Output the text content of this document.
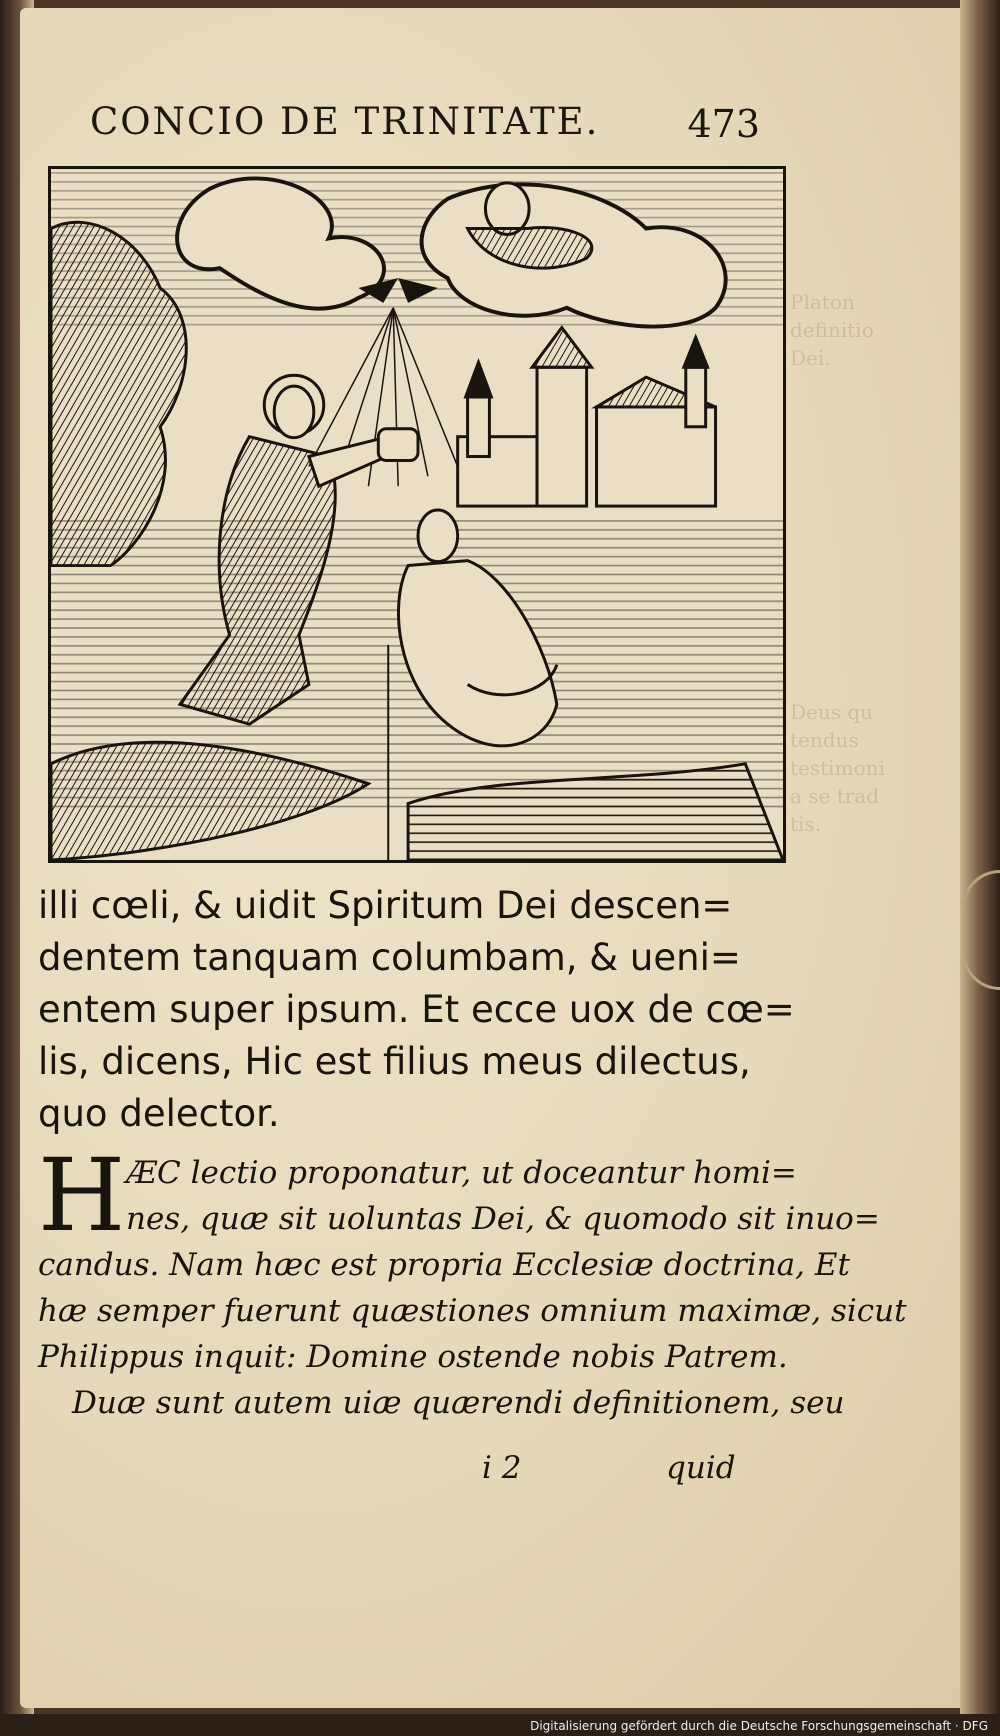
Platon
definitio
Dei.
Deus qu
tendus
testimoni
a se trad
tis.
CONCIO DE TRINITATE. 473
illi cœli, & uidit Spiritum Dei descen=
dentem tanquam columbam, & ueni=
entem super ipsum. Et ecce uox de cœ=
lis, dicens, Hic est filius meus dilectus,
quo delector.
H ÆC lectio proponatur, ut doceantur homi=
nes, quæ sit uoluntas Dei, & quomodo sit inuo=
candus. Nam hæc est propria Ecclesiæ doctrina, Et
hæ semper fuerunt quæstiones omnium maximæ, sicut
Philippus inquit: Domine ostende nobis Patrem.
Duæ sunt autem uiæ quærendi definitionem, seu
i 2	quid
Digitalisierung gefördert durch die Deutsche Forschungsgemeinschaft · DFG
